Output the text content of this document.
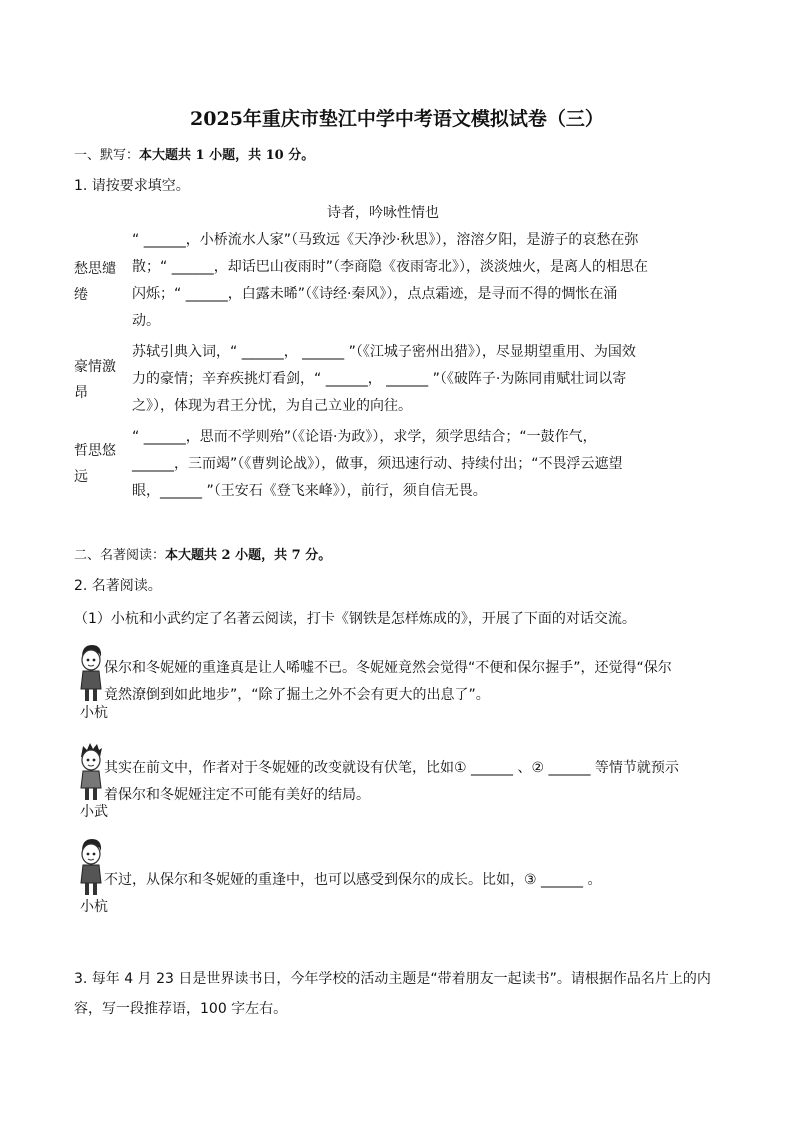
2025年重庆市垫江中学中考语文模拟试卷（三）
一、默写：本大题共 1 小题，共 10 分。
1. 请按要求填空。
诗者，吟咏性情也
愁思缱绻
“ ______，小桥流水人家”（马致远《天净沙·秋思》），溶溶夕阳，是游子的哀愁在弥
散；“ ______，却话巴山夜雨时”（李商隐《夜雨寄北》），淡淡烛火，是离人的相思在
闪烁；“ ______，白露未晞”（《诗经·秦风》），点点霜迹，是寻而不得的惆怅在涌
动。
豪情激昂
苏轼引典入词，“ ______， ______ ”（《江城子密州出猎》），尽显期望重用、为国效
力的豪情；辛弃疾挑灯看剑，“ ______， ______ ”（《破阵子·为陈同甫赋壮词以寄
之》），体现为君王分忧，为自己立业的向往。
哲思悠远
“ ______，思而不学则殆”（《论语·为政》），求学，须学思结合；“一鼓作气，
______，三而竭”（《曹刿论战》），做事，须迅速行动、持续付出；“不畏浮云遮望
眼，______ ”（王安石《登飞来峰》），前行，须自信无畏。
二、名著阅读：本大题共 2 小题，共 7 分。
2. 名著阅读。
（1）小杭和小武约定了名著云阅读，打卡《钢铁是怎样炼成的》，开展了下面的对话交流。
小杭
保尔和冬妮娅的重逢真是让人唏嘘不已。冬妮娅竟然会觉得“不便和保尔握手”，还觉得“保尔
竟然潦倒到如此地步”，“除了掘土之外不会有更大的出息了”。
小武
其实在前文中，作者对于冬妮娅的改变就设有伏笔，比如① ______ 、② ______ 等情节就预示
着保尔和冬妮娅注定不可能有美好的结局。
小杭
不过，从保尔和冬妮娅的重逢中，也可以感受到保尔的成长。比如，③ ______ 。
3. 每年 4 月 23 日是世界读书日，今年学校的活动主题是“带着朋友一起读书”。请根据作品名片上的内
容，写一段推荐语，100 字左右。
